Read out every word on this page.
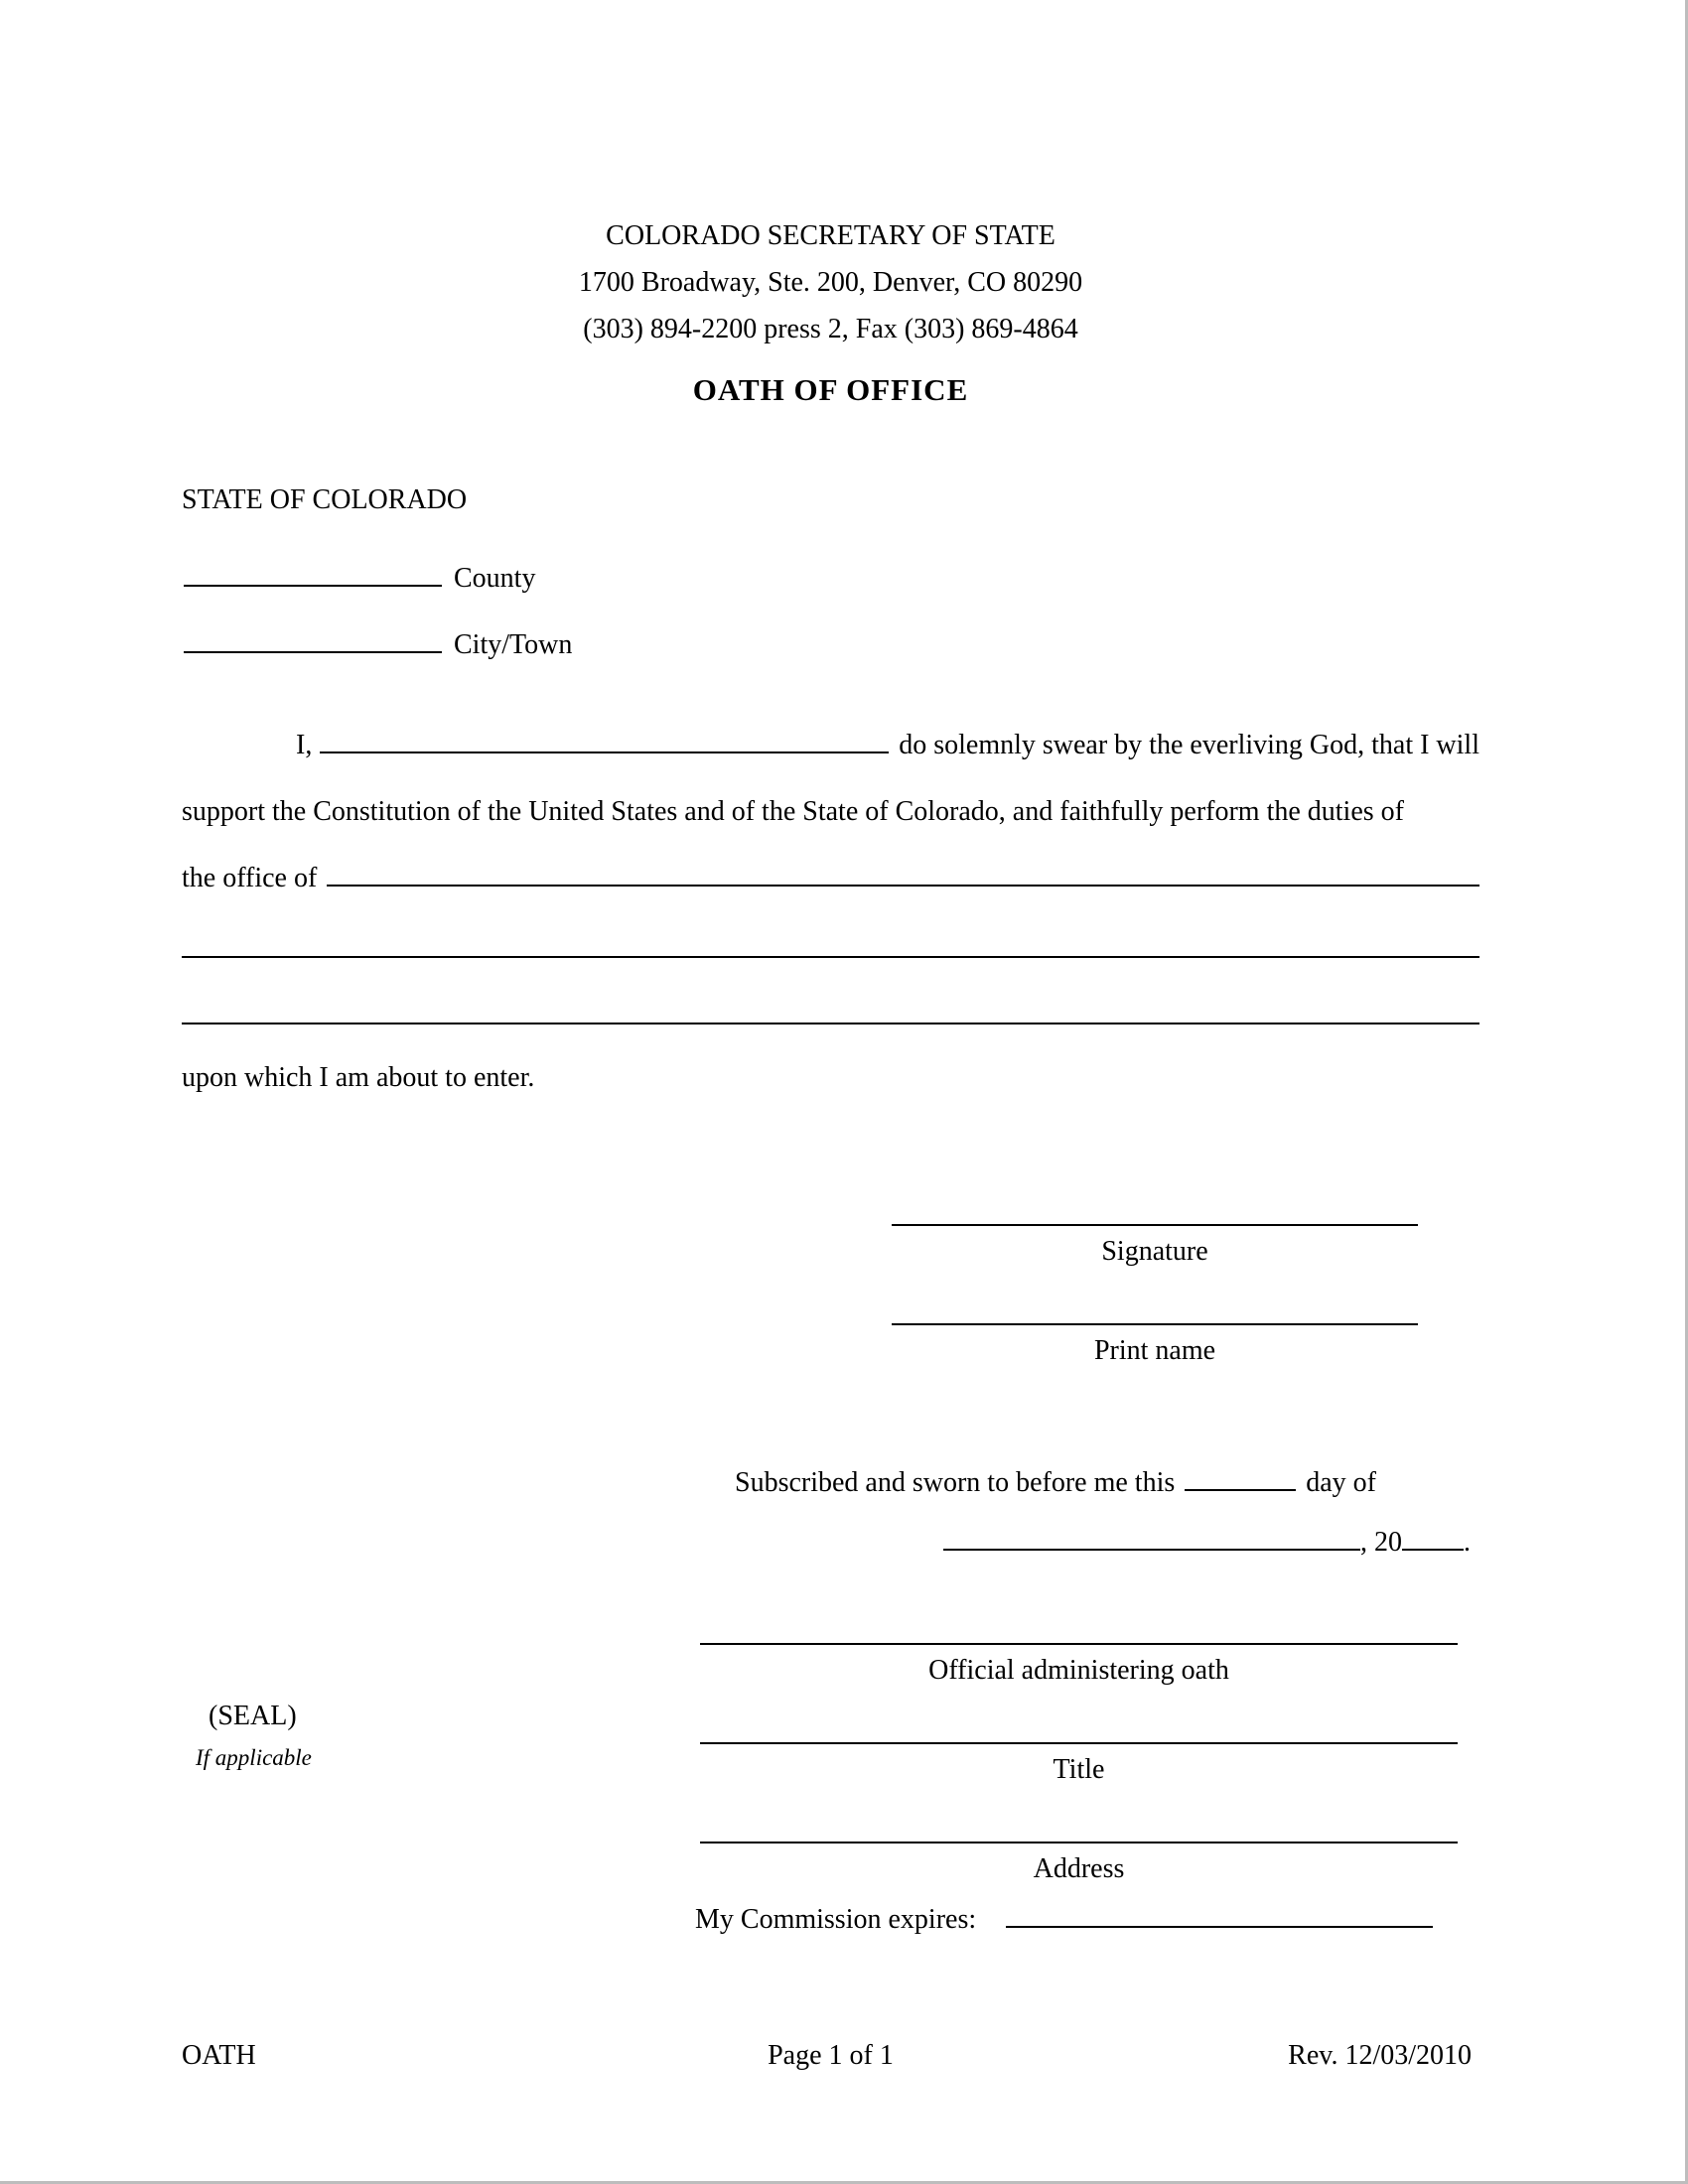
COLORADO SECRETARY OF STATE
1700 Broadway, Ste. 200, Denver, CO 80290
(303) 894-2200 press 2, Fax (303) 869-4864
OATH OF OFFICE
STATE OF COLORADO
County
City/Town
I,	do solemnly swear by the everliving God, that I will
support the Constitution of the United States and of the State of Colorado, and faithfully perform the duties of
the office of
upon which I am about to enter.
Signature
Print name
Subscribed and sworn to before me this	day of
, 20 .
Official administering oath
(SEAL)
If applicable	Title
Address
My Commission expires:
OATH	Page 1 of 1	Rev. 12/03/2010
